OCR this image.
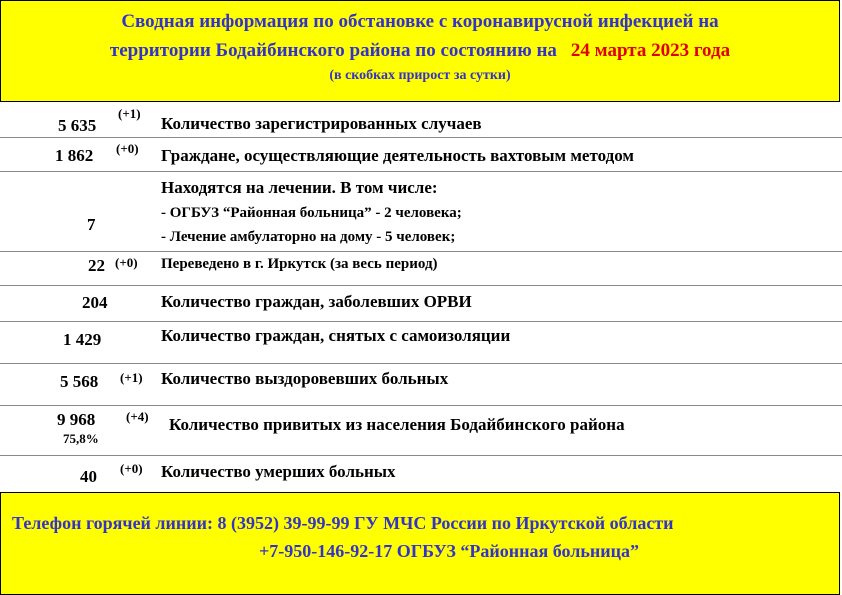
Сводная информация по обстановке с коронавирусной инфекцией на
территории Бодайбинского района по состоянию на 24 марта 2023 года
(в скобках прирост за сутки)
5 635
(+1)
Количество зарегистрированных случаев
1 862 (+0) Граждане, осуществляющие деятельность вахтовым методом
7
Находятся на лечении. В том числе:
- ОГБУЗ “Районная больница” - 2 человека;
- Лечение амбулаторно на дому - 5 человек;
22 (+0) Переведено в г. Иркутск (за весь период)
204	Количество граждан, заболевших ОРВИ
1 429	Количество граждан, снятых с самоизоляции
5 568 (+1) Количество выздоровевших больных
9 968 (+4)
75,8%
Количество привитых из населения Бодайбинского района
40 (+0) Количество умерших больных
Телефон горячей линии: 8 (3952) 39-99-99 ГУ МЧС России по Иркутской области
+7-950-146-92-17 ОГБУЗ “Районная больница”
